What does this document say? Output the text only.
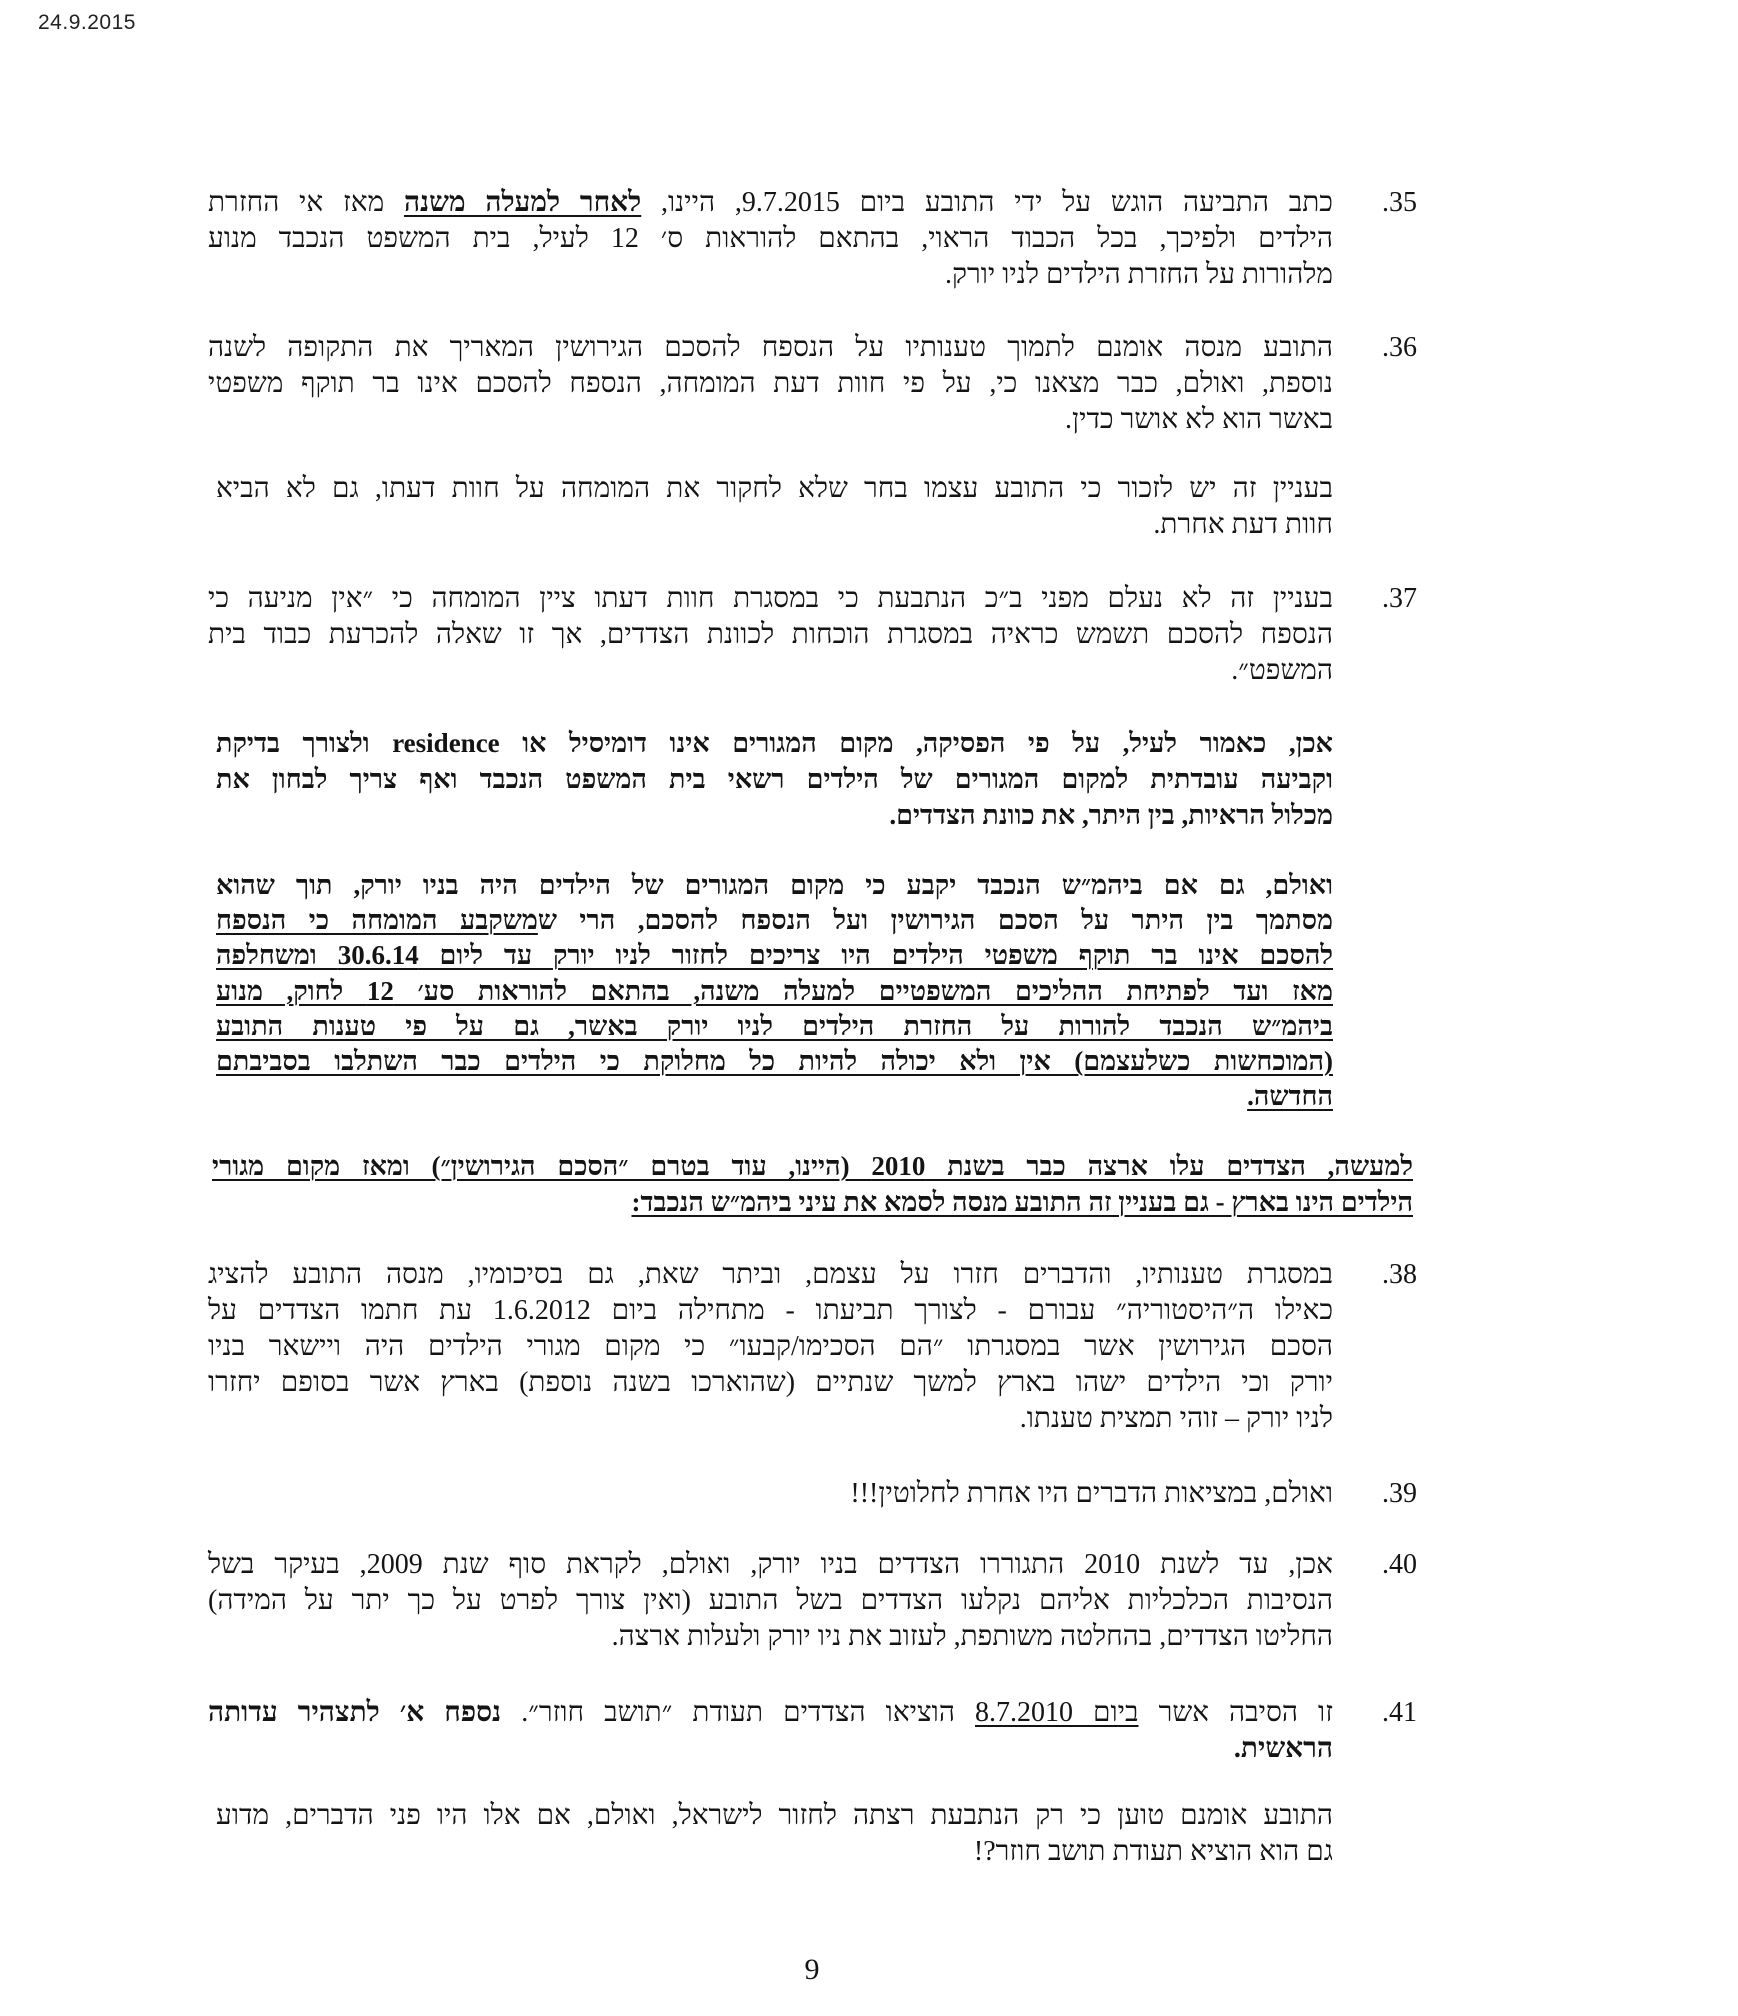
24.9.2015
35.
כתב התביעה הוגש על ידי התובע ביום 9.7.2015, היינו, לאחר למעלה משנה מאז אי החזרת
הילדים ולפיכך, בכל הכבוד הראוי, בהתאם להוראות ס׳ 12 לעיל, בית המשפט הנכבד מנוע
מלהורות על החזרת הילדים לניו יורק.
36.
התובע מנסה אומנם לתמוך טענותיו על הנספח להסכם הגירושין המאריך את התקופה לשנה
נוספת, ואולם, כבר מצאנו כי, על פי חוות דעת המומחה, הנספח להסכם אינו בר תוקף משפטי
באשר הוא לא אושר כדין.
בעניין זה יש לזכור כי התובע עצמו בחר שלא לחקור את המומחה על חוות דעתו, גם לא הביא
חוות דעת אחרת.
37.
בעניין זה לא נעלם מפני ב״כ הנתבעת כי במסגרת חוות דעתו ציין המומחה כי ״אין מניעה כי
הנספח להסכם תשמש כראיה במסגרת הוכחות לכוונת הצדדים, אך זו שאלה להכרעת כבוד בית
המשפט״.
אכן, כאמור לעיל, על פי הפסיקה, מקום המגורים אינו דומיסיל או residence ולצורך בדיקת
וקביעה עובדתית למקום המגורים של הילדים רשאי בית המשפט הנכבד ואף צריך לבחון את
מכלול הראיות, בין היתר, את כוונת הצדדים.
ואולם, גם אם ביהמ״ש הנכבד יקבע כי מקום המגורים של הילדים היה בניו יורק, תוך שהוא
מסתמך בין היתר על הסכם הגירושין ועל הנספח להסכם, הרי שמשקבע המומחה כי הנספח
להסכם אינו בר תוקף משפטי הילדים היו צריכים לחזור לניו יורק עד ליום 30.6.14 ומשחלפה
מאז ועד לפתיחת ההליכים המשפטיים למעלה משנה, בהתאם להוראות סע׳ 12 לחוק, מנוע
ביהמ״ש הנכבד להורות על החזרת הילדים לניו יורק באשר, גם על פי טענות התובע
(המוכחשות כשלעצמם) אין ולא יכולה להיות כל מחלוקת כי הילדים כבר השתלבו בסביבתם
החדשה.
למעשה, הצדדים עלו ארצה כבר בשנת 2010 (היינו, עוד בטרם ״הסכם הגירושין״) ומאז מקום מגורי
הילדים הינו בארץ - גם בעניין זה התובע מנסה לסמא את עיני ביהמ״ש הנכבד:
38.
במסגרת טענותיו, והדברים חזרו על עצמם, וביתר שאת, גם בסיכומיו, מנסה התובע להציג
כאילו ה״היסטוריה״ עבורם - לצורך תביעתו - מתחילה ביום 1.6.2012 עת חתמו הצדדים על
הסכם הגירושין אשר במסגרתו ״הם הסכימו/קבעו״ כי מקום מגורי הילדים היה ויישאר בניו
יורק וכי הילדים ישהו בארץ למשך שנתיים (שהוארכו בשנה נוספת) בארץ אשר בסופם יחזרו
לניו יורק – זוהי תמצית טענתו.
39.
ואולם, במציאות הדברים היו אחרת לחלוטין!!!
40.
אכן, עד לשנת 2010 התגוררו הצדדים בניו יורק, ואולם, לקראת סוף שנת 2009, בעיקר בשל
הנסיבות הכלכליות אליהם נקלעו הצדדים בשל התובע (ואין צורך לפרט על כך יתר על המידה)
החליטו הצדדים, בהחלטה משותפת, לעזוב את ניו יורק ולעלות ארצה.
41.
זו הסיבה אשר ביום 8.7.2010 הוציאו הצדדים תעודת ״תושב חוזר״. נספח א׳ לתצהיר עדותה
הראשית.
התובע אומנם טוען כי רק הנתבעת רצתה לחזור לישראל, ואולם, אם אלו היו פני הדברים, מדוע
גם הוא הוציא תעודת תושב חוזר?!
9
